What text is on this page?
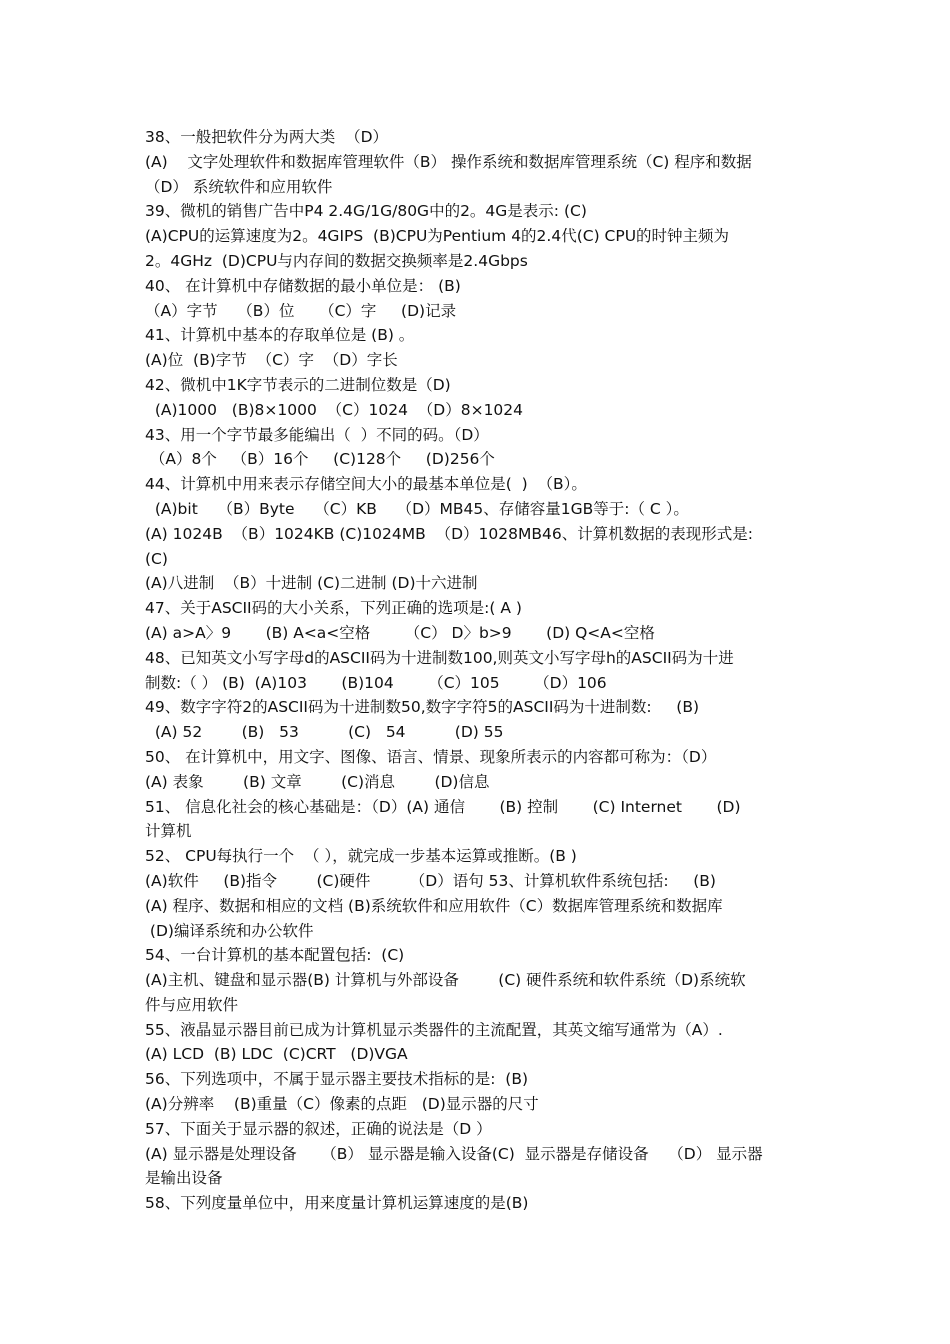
38、一般把软件分为两大类  （D）
(A)    文字处理软件和数据库管理软件（B） 操作系统和数据库管理系统（C) 程序和数据
（D） 系统软件和应用软件
39、微机的销售广告中P4 2.4G/1G/80G中的2。4G是表示: (C)
(A)CPU的运算速度为2。4GIPS  (B)CPU为Pentium 4的2.4代(C) CPU的时钟主频为
2。4GHz  (D)CPU与内存间的数据交换频率是2.4Gbps
40、 在计算机中存储数据的最小单位是： (B)
（A）字节    （B）位     （C）字     (D)记录
41、计算机中基本的存取单位是 (B) 。
(A)位  (B)字节  （C）字  （D）字长
42、微机中1K字节表示的二进制位数是（D)
(A)1000   (B)8×1000  （C）1024  （D）8×1024
43、用一个字节最多能编出（  ）不同的码。（D）
（A）8个   （B）16个     (C)128个     (D)256个
44、计算机中用来表示存储空间大小的最基本单位是(  )  （B）。
(A)bit    （B）Byte    （C）KB    （D）MB45、存储容量1GB等于:（ C ）。
(A) 1024B  （B）1024KB (C)1024MB  （D）1028MB46、计算机数据的表现形式是:
(C)
(A)八进制  （B）十进制 (C)二进制 (D)十六进制
47、关于ASCII码的大小关系，下列正确的选项是:( A )
(A) a>A〉9       (B) A<a<空格       （C） D〉b>9       (D) Q<A<空格
48、已知英文小写字母d的ASCII码为十进制数100,则英文小写字母h的ASCII码为十进
制数:（ ） (B)  (A)103       (B)104       （C）105       （D）106
49、数字字符2的ASCII码为十进制数50,数字字符5的ASCII码为十进制数:     (B)
(A) 52        (B)   53          (C)   54          (D) 55
50、 在计算机中，用文字、图像、语言、情景、现象所表示的内容都可称为：（D）
(A) 表象        (B) 文章        (C)消息        (D)信息
51、 信息化社会的核心基础是：（D）(A) 通信       (B) 控制       (C) Internet       (D)
计算机
52、 CPU每执行一个  （ ），就完成一步基本运算或推断。(B )
(A)软件     (B)指令        (C)硬件        （D）语句 53、计算机软件系统包括:     (B)
(A) 程序、数据和相应的文档 (B)系统软件和应用软件（C）数据库管理系统和数据库
(D)编译系统和办公软件
54、一台计算机的基本配置包括:  (C)
(A)主机、键盘和显示器(B) 计算机与外部设备        (C) 硬件系统和软件系统（D)系统软
件与应用软件
55、液晶显示器目前已成为计算机显示类器件的主流配置，其英文缩写通常为（A）.
(A) LCD  (B) LDC  (C)CRT   (D)VGA
56、下列选项中，不属于显示器主要技术指标的是:  (B)
(A)分辨率    (B)重量（C）像素的点距   (D)显示器的尺寸
57、下面关于显示器的叙述，正确的说法是（D ）
(A) 显示器是处理设备     （B） 显示器是输入设备(C)  显示器是存储设备    （D） 显示器
是输出设备
58、下列度量单位中，用来度量计算机运算速度的是(B)
